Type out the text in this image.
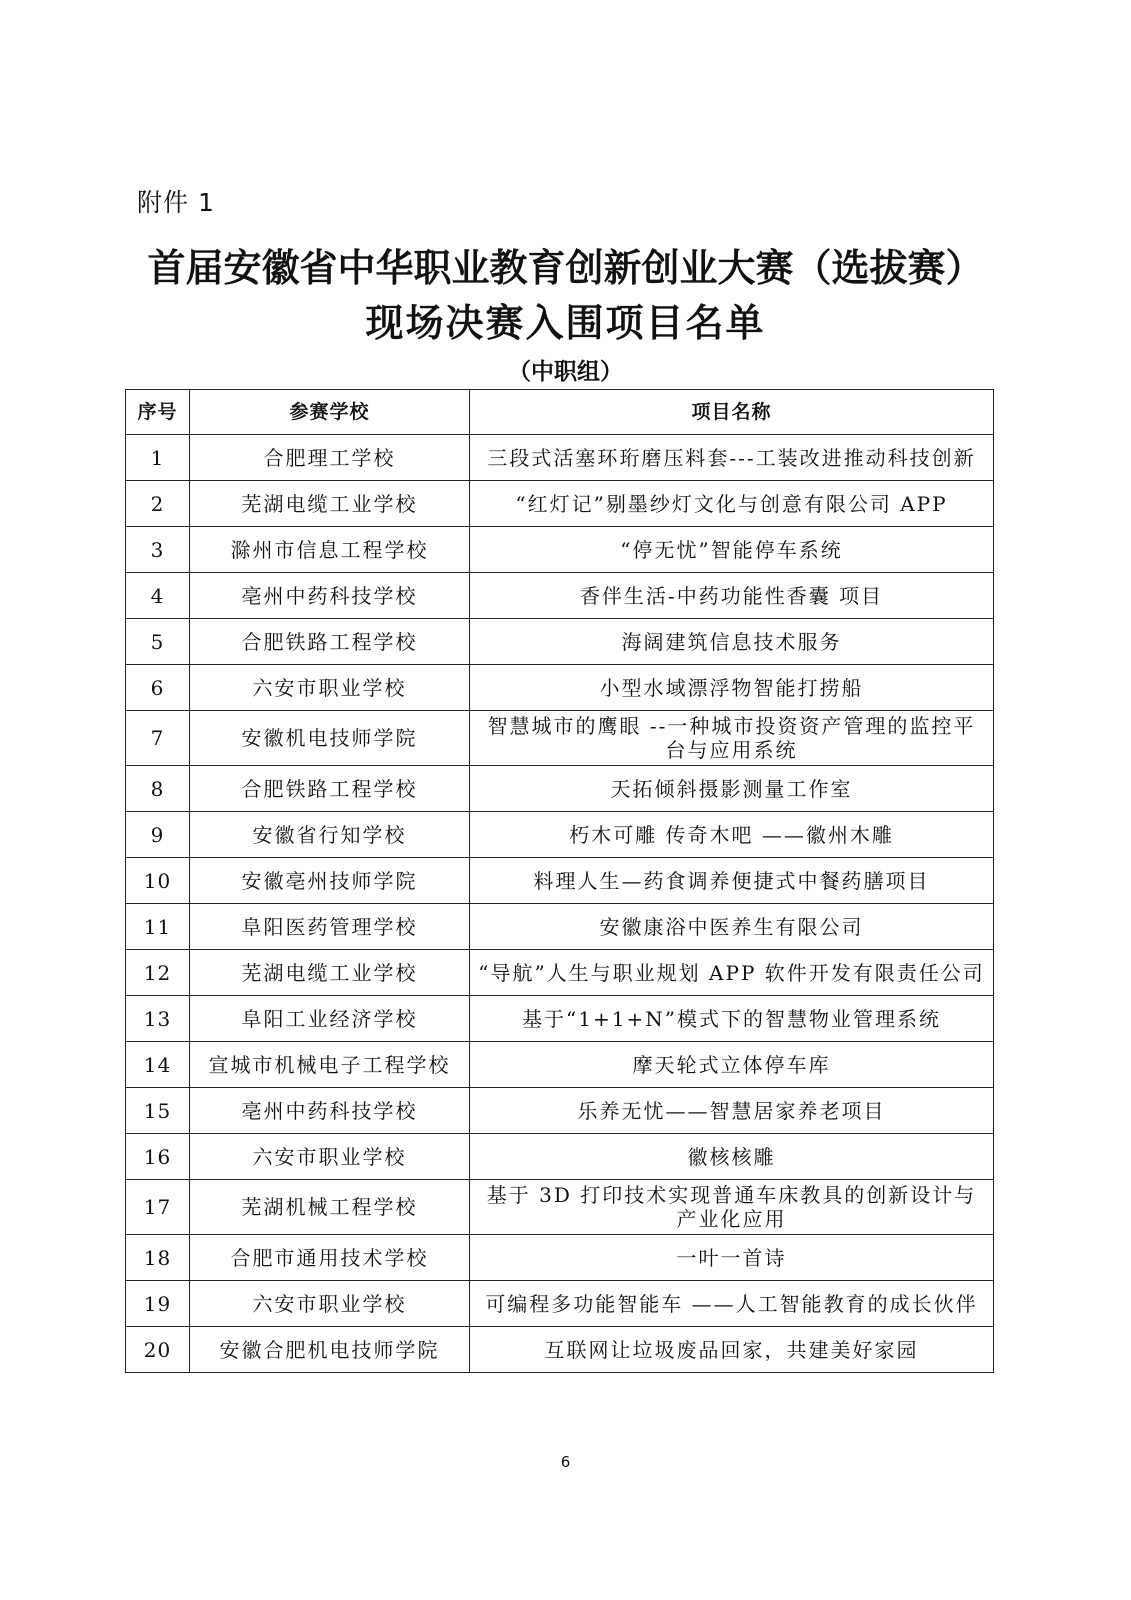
附件 1
首届安徽省中华职业教育创新创业大赛（选拔赛）
现场决赛入围项目名单
（中职组）
序号	参赛学校	项目名称
1	合肥理工学校	三段式活塞环珩磨压料套---工装改进推动科技创新
2	芜湖电缆工业学校	“红灯记”剔墨纱灯文化与创意有限公司 APP
3	滁州市信息工程学校	“停无忧”智能停车系统
4	亳州中药科技学校	香伴生活-中药功能性香囊 项目
5	合肥铁路工程学校	海阔建筑信息技术服务
6	六安市职业学校	小型水域漂浮物智能打捞船
7	安徽机电技师学院	智慧城市的鹰眼 --一种城市投资资产管理的监控平台与应用系统
8	合肥铁路工程学校	天拓倾斜摄影测量工作室
9	安徽省行知学校	朽木可雕 传奇木吧 ——徽州木雕
10	安徽亳州技师学院	料理人生—药食调养便捷式中餐药膳项目
11	阜阳医药管理学校	安徽康浴中医养生有限公司
12	芜湖电缆工业学校	“导航”人生与职业规划 APP 软件开发有限责任公司
13	阜阳工业经济学校	基于“1+1+N”模式下的智慧物业管理系统
14	宣城市机械电子工程学校	摩天轮式立体停车库
15	亳州中药科技学校	乐养无忧——智慧居家养老项目
16	六安市职业学校	徽核核雕
17	芜湖机械工程学校	基于 3D 打印技术实现普通车床教具的创新设计与产业化应用
18	合肥市通用技术学校	一叶一首诗
19	六安市职业学校	可编程多功能智能车 ——人工智能教育的成长伙伴
20	安徽合肥机电技师学院	互联网让垃圾废品回家，共建美好家园
6
